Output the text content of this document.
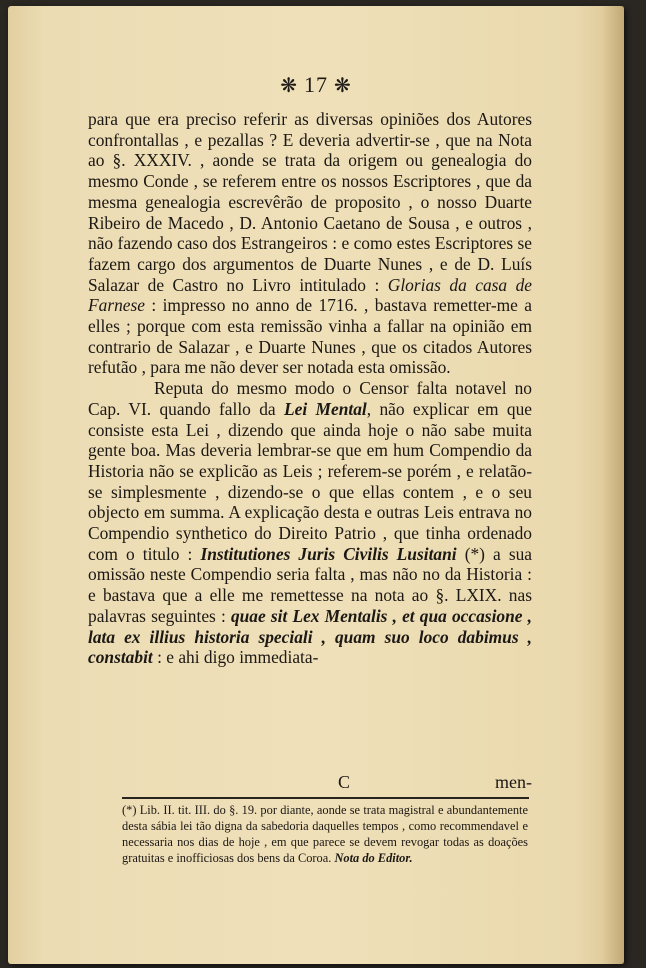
❋ 17 ❋

para que era preciso referir as diversas opiniões dos Autores confrontallas , e pezallas ? E deveria advertir-se , que na Nota ao §. XXXIV. , aonde se trata da origem ou genealogia do mesmo Conde , se referem entre os nossos Escriptores , que da mesma genealogia escrevêrão de proposito , o nosso Duarte Ribeiro de Macedo , D. Antonio Caetano de Sousa , e outros , não fazendo caso dos Estrangeiros : e como estes Escriptores se fazem cargo dos argumentos de Duarte Nunes , e de D. Luís Salazar de Castro no Livro intitulado : Glorias da casa de Farnese : impresso no anno de 1716. , bastava remetter-me a elles ; porque com esta remissão vinha a fallar na opinião em contrario de Salazar , e Duarte Nunes , que os citados Autores refutão , para me não dever ser notada esta omissão.

Reputa do mesmo modo o Censor falta notavel no Cap. VI. quando fallo da Lei Mental, não explicar em que consiste esta Lei , dizendo que ainda hoje o não sabe muita gente boa. Mas deveria lembrar-se que em hum Compendio da Historia não se explicão as Leis ; referem-se porém , e relatão-se simplesmente , dizendo-se o que ellas contem , e o seu objecto em summa. A explicação desta e outras Leis entrava no Compendio synthetico do Direito Patrio , que tinha ordenado com o titulo : Institutiones Juris Civilis Lusitani (*) a sua omissão neste Compendio seria falta , mas não no da Historia : e bastava que a elle me remettesse na nota ao §. LXIX. nas palavras seguintes : quae sit Lex Mentalis , et qua occasione , lata ex illius historia speciali , quam suo loco dabimus , constabit : e ahi digo immediata-

C	men-

(*) Lib. II. tit. III. do §. 19. por diante, aonde se trata magistral e abundantemente desta sábia lei tão digna da sabedoria daquelles tempos , como recommendavel e necessaria nos dias de hoje , em que parece se devem revogar todas as doações gratuitas e inofficiosas dos bens da Coroa. Nota do Editor.
